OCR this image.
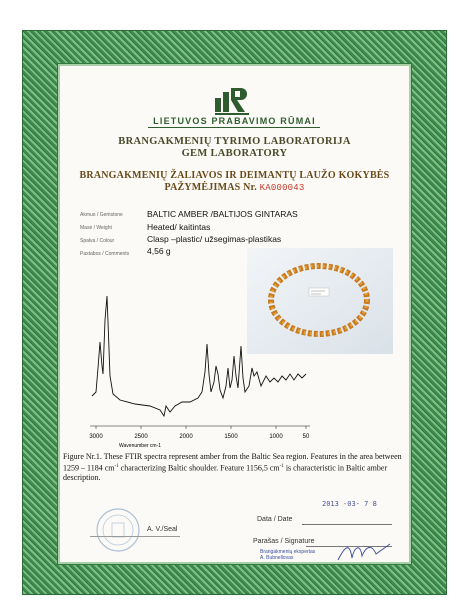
LIETUVOS PRABAVIMO RŪMAI
BRANGAKMENIŲ TYRIMO LABORATORIJA
GEM LABORATORY
BRANGAKMENIŲ ŽALIAVOS IR DEIMANTŲ LAUŽO KOKYBĖS
PAŽYMĖJIMAS Nr. KA000043
Akmuo / Gemstone	BALTIC AMBER /BALTIJOS GINTARAS
Masė / Weight	Heated/ kaitintas
Spalva / Colour	Clasp –plastic/ užsegimas-plastikas
Pastabos / Comments 4,56 g
3000	2500	2000	1500	1000	50
Wavenumber cm-1
Figure Nr.1. These FTIR spectra represent amber from the Baltic Sea region. Features in the area between 1259 – 1184 $cm^{-1}$ characterizing Baltic shoulder. Feature 1156,5 $cm^{-1}$ is characteristic in Baltic amber description.
2013 -03- 7 8
Data / Date
A. V./Seal
Parašas / Signature
Brangakmenių ekspertas
A. Bubnellovas
